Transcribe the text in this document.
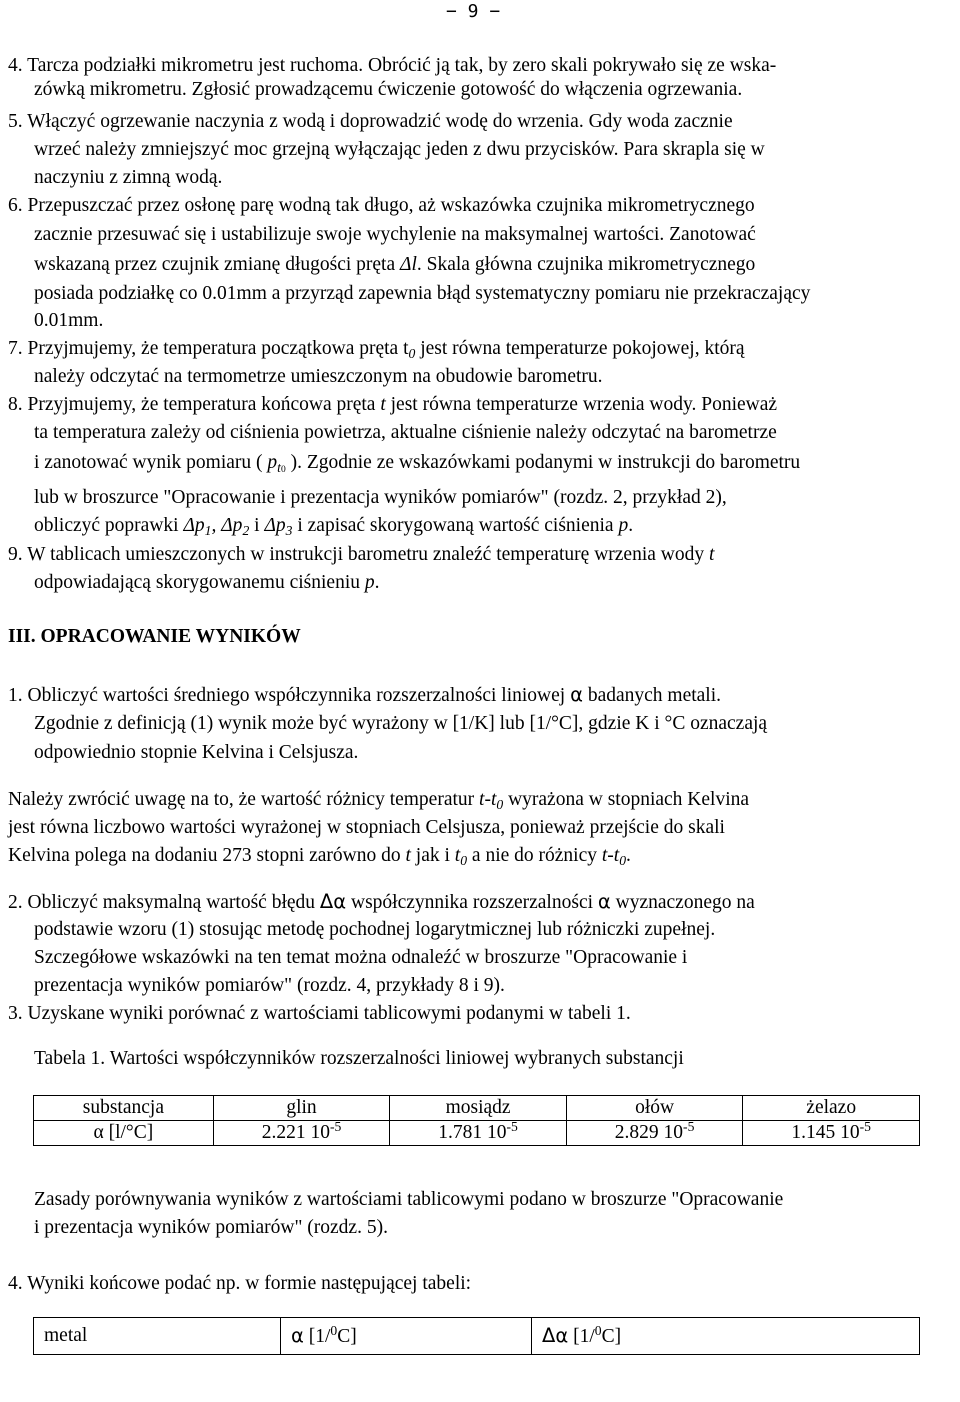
− 9 −
4. Tarcza podziałki mikrometru jest ruchoma. Obrócić ją tak, by zero skali pokrywało się ze wska-
zówką mikrometru. Zgłosić prowadzącemu ćwiczenie gotowość do włączenia ogrzewania.
5. Włączyć ogrzewanie naczynia z wodą i doprowadzić wodę do wrzenia. Gdy woda zacznie
wrzeć należy zmniejszyć moc grzejną wyłączając jeden z dwu przycisków. Para skrapla się w
naczyniu z zimną wodą.
6. Przepuszczać przez osłonę parę wodną tak długo, aż wskazówka czujnika mikrometrycznego
zacznie przesuwać się i ustabilizuje swoje wychylenie na maksymalnej wartości. Zanotować
wskazaną przez czujnik zmianę długości pręta Δl. Skala główna czujnika mikrometrycznego
posiada podziałkę co 0.01mm a przyrząd zapewnia błąd systematyczny pomiaru nie przekraczający
0.01mm.
7. Przyjmujemy, że temperatura początkowa pręta $t_0$ jest równa temperaturze pokojowej, którą
należy odczytać na termometrze umieszczonym na obudowie barometru.
8. Przyjmujemy, że temperatura końcowa pręta t jest równa temperaturze wrzenia wody. Ponieważ
ta temperatura zależy od ciśnienia powietrza, aktualne ciśnienie należy odczytać na barometrze
i zanotować wynik pomiaru ( $p_{t0}$ ). Zgodnie ze wskazówkami podanymi w instrukcji do barometru
lub w broszurce "Opracowanie i prezentacja wyników pomiarów" (rozdz. 2, przykład 2),
obliczyć poprawki $\Delta p_1$, $\Delta p_2$ i $\Delta p_3$ i zapisać skorygowaną wartość ciśnienia p.
9. W tablicach umieszczonych w instrukcji barometru znaleźć temperaturę wrzenia wody t
odpowiadającą skorygowanemu ciśnieniu p.
III. OPRACOWANIE WYNIKÓW
1. Obliczyć wartości średniego współczynnika rozszerzalności liniowej α badanych metali.
Zgodnie z definicją (1) wynik może być wyrażony w [1/K] lub [1/°C], gdzie K i °C oznaczają
odpowiednio stopnie Kelvina i Celsjusza.
Należy zwrócić uwagę na to, że wartość różnicy temperatur $t-t_0$ wyrażona w stopniach Kelvina
jest równa liczbowo wartości wyrażonej w stopniach Celsjusza, ponieważ przejście do skali
Kelvina polega na dodaniu 273 stopni zarówno do t jak i $t_0$ a nie do różnicy $t-t_0$.
2. Obliczyć maksymalną wartość błędu Δα współczynnika rozszerzalności α wyznaczonego na
podstawie wzoru (1) stosując metodę pochodnej logarytmicznej lub różniczki zupełnej.
Szczegółowe wskazówki na ten temat można odnaleźć w broszurze "Opracowanie i
prezentacja wyników pomiarów" (rozdz. 4, przykłady 8 i 9).
3. Uzyskane wyniki porównać z wartościami tablicowymi podanymi w tabeli 1.
Tabela 1. Wartości współczynników rozszerzalności liniowej wybranych substancji
substancja	glin	mosiądz	ołów	żelazo
α [l/°C]	2.221 $10^{-5}$	1.781 $10^{-5}$	2.829 $10^{-5}$	1.145 $10^{-5}$
Zasady porównywania wyników z wartościami tablicowymi podano w broszurze "Opracowanie
i prezentacja wyników pomiarów" (rozdz. 5).
4. Wyniki końcowe podać np. w formie następującej tabeli:
metal	α [1/$^0$C]	Δα [1/$^0$C]
